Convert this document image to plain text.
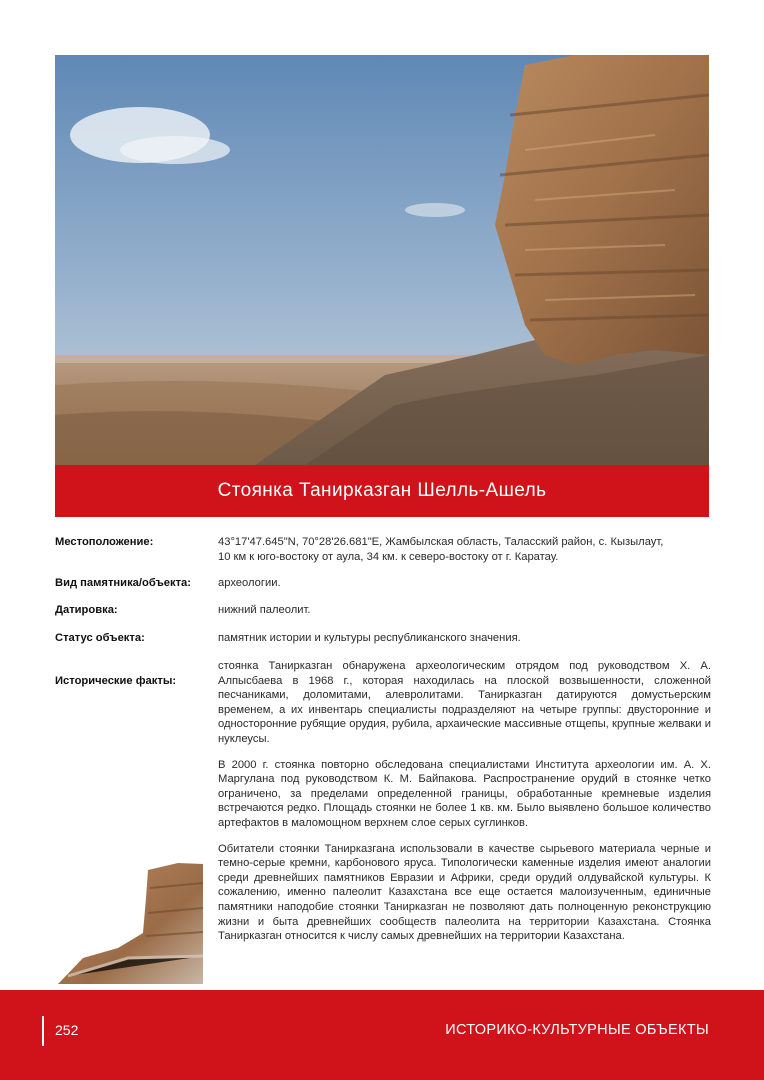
Стоянка Танирказган Шелль-Ашель
Местоположение:	43°17'47.645"N, 70°28'26.681"E, Жамбылская область, Таласский район, с. Кызылаут,
10 км к юго-востоку от аула, 34 км. к северо-востоку от г. Каратау.
Вид памятника/объекта:	археологии.
Датировка:	нижний палеолит.
Статус объекта:	памятник истории и культуры республиканского значения.
Исторические факты:

стоянка Танирказган обнаружена археологическим отрядом под руководством Х. А. Алпысбаева в 1968 г., которая находилась на плоской возвышенности, сложенной песчаниками, доломитами, алевролитами. Танирказган датируются домустьерским временем, а их инвентарь специалисты подразделяют на четыре группы: двусторонние и односторонние рубящие орудия, рубила, архаические массивные отщепы, крупные желваки и нуклеусы.

В 2000 г. стоянка повторно обследована специалистами Института археологии им. А. Х. Маргулана под руководством К. М. Байпакова. Распространение орудий в стоянке четко ограничено, за пределами определенной границы, обработанные кремневые изделия встречаются редко. Площадь стоянки не более 1 кв. км. Было выявлено большое количество артефактов в маломощном верхнем слое серых суглинков.

Обитатели стоянки Танирказгана использовали в качестве сырьевого материала черные и темно-серые кремни, карбонового яруса. Типологически каменные изделия имеют аналогии среди древнейших памятников Евразии и Африки, среди орудий олдувайской культуры. К сожалению, именно палеолит Казахстана все еще остается малоизученным, единичные памятники наподобие стоянки Танирказган не позволяют дать полноценную реконструкцию жизни и быта древнейших сообществ палеолита на территории Казахстана. Стоянка Танирказган относится к числу самых древнейших на территории Казахстана.

252	ИСТОРИКО-КУЛЬТУРНЫЕ ОБЪЕКТЫ
